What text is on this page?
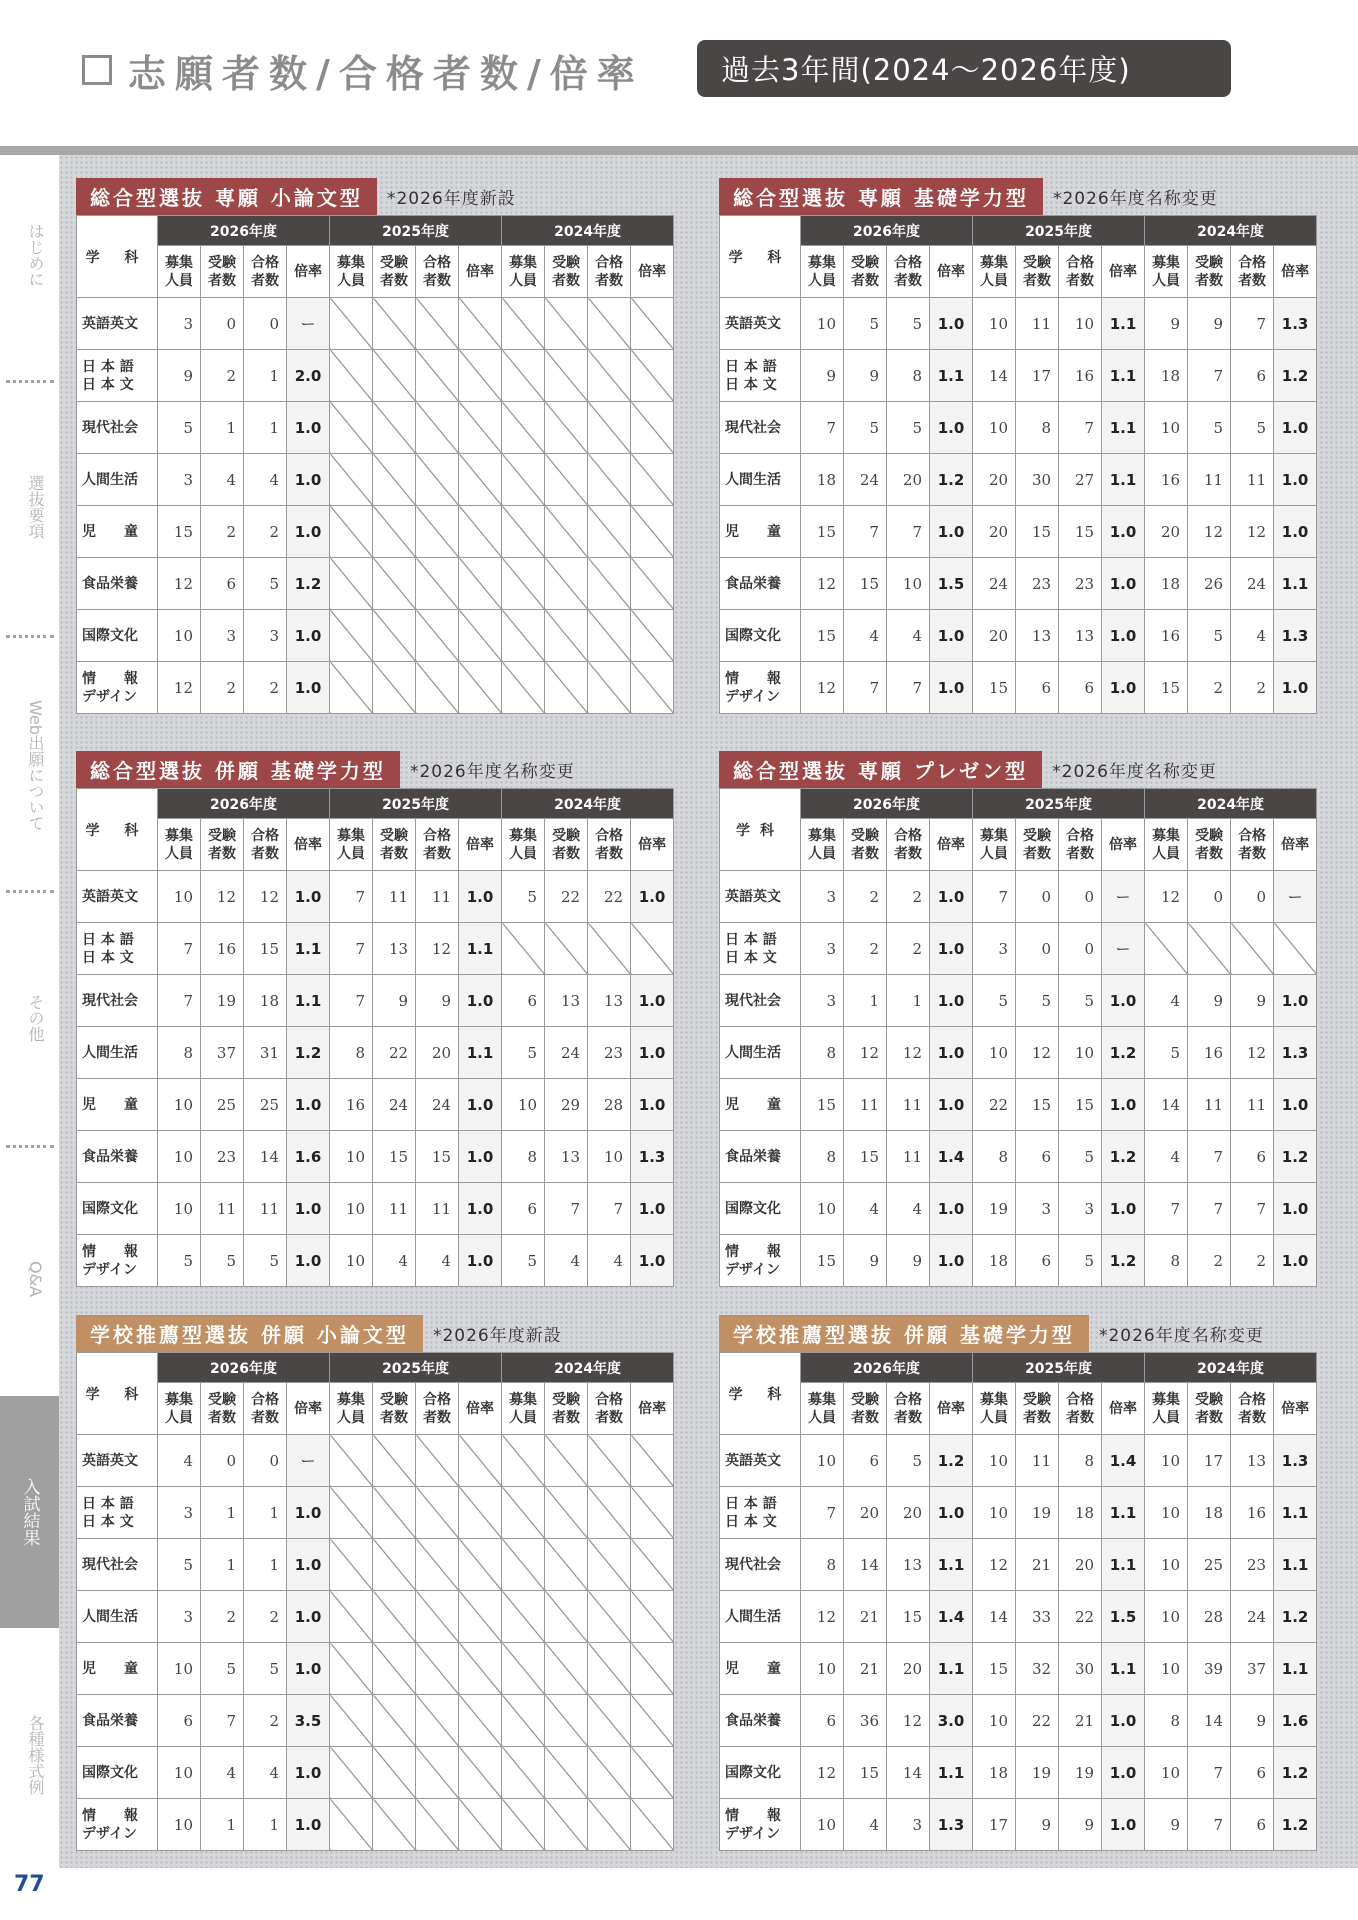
志願者数/合格者数/倍率	過去3年間(2024〜2026年度)
はじめに
選抜要項
Web出願について
その他
Q&A
入試結果
各種様式例
77
総合型選抜 専願 小論文型	*2026年度新設
学 科	2026年度				2025年度				2024年度			
	募集
人員	受験
者数	合格
者数	倍率	募集
人員	受験
者数	合格
者数	倍率	募集
人員	受験
者数	合格
者数	倍率
英語英文	3	0	0	ー								
日 本 語
日 本 文	9	2	1	2.0								
現代社会	5	1	1	1.0								
人間生活	3	4	4	1.0								
児　　童	15	2	2	1.0								
食品栄養	12	6	5	1.2								
国際文化	10	3	3	1.0								
情　　報
デザイン	12	2	2	1.0								
総合型選抜 専願 基礎学力型	*2026年度名称変更
学 科	2026年度				2025年度				2024年度			
	募集
人員	受験
者数	合格
者数	倍率	募集
人員	受験
者数	合格
者数	倍率	募集
人員	受験
者数	合格
者数	倍率
英語英文	10	5	5	1.0	10	11	10	1.1	9	9	7	1.3
日 本 語
日 本 文	9	9	8	1.1	14	17	16	1.1	18	7	6	1.2
現代社会	7	5	5	1.0	10	8	7	1.1	10	5	5	1.0
人間生活	18	24	20	1.2	20	30	27	1.1	16	11	11	1.0
児　　童	15	7	7	1.0	20	15	15	1.0	20	12	12	1.0
食品栄養	12	15	10	1.5	24	23	23	1.0	18	26	24	1.1
国際文化	15	4	4	1.0	20	13	13	1.0	16	5	4	1.3
情　　報
デザイン	12	7	7	1.0	15	6	6	1.0	15	2	2	1.0
総合型選抜 併願 基礎学力型	*2026年度名称変更
学 科	2026年度				2025年度				2024年度			
	募集
人員	受験
者数	合格
者数	倍率	募集
人員	受験
者数	合格
者数	倍率	募集
人員	受験
者数	合格
者数	倍率
英語英文	10	12	12	1.0	7	11	11	1.0	5	22	22	1.0
日 本 語
日 本 文	7	16	15	1.1	7	13	12	1.1				
現代社会	7	19	18	1.1	7	9	9	1.0	6	13	13	1.0
人間生活	8	37	31	1.2	8	22	20	1.1	5	24	23	1.0
児　　童	10	25	25	1.0	16	24	24	1.0	10	29	28	1.0
食品栄養	10	23	14	1.6	10	15	15	1.0	8	13	10	1.3
国際文化	10	11	11	1.0	10	11	11	1.0	6	7	7	1.0
情　　報
デザイン	5	5	5	1.0	10	4	4	1.0	5	4	4	1.0
総合型選抜 専願 プレゼン型	*2026年度名称変更
学科	2026年度				2025年度				2024年度			
	募集
人員	受験
者数	合格
者数	倍率	募集
人員	受験
者数	合格
者数	倍率	募集
人員	受験
者数	合格
者数	倍率
英語英文	3	2	2	1.0	7	0	0	ー	12	0	0	ー
日 本 語
日 本 文	3	2	2	1.0	3	0	0	ー				
現代社会	3	1	1	1.0	5	5	5	1.0	4	9	9	1.0
人間生活	8	12	12	1.0	10	12	10	1.2	5	16	12	1.3
児　　童	15	11	11	1.0	22	15	15	1.0	14	11	11	1.0
食品栄養	8	15	11	1.4	8	6	5	1.2	4	7	6	1.2
国際文化	10	4	4	1.0	19	3	3	1.0	7	7	7	1.0
情　　報
デザイン	15	9	9	1.0	18	6	5	1.2	8	2	2	1.0
学校推薦型選抜 併願 小論文型	*2026年度新設
学 科	2026年度				2025年度				2024年度			
	募集
人員	受験
者数	合格
者数	倍率	募集
人員	受験
者数	合格
者数	倍率	募集
人員	受験
者数	合格
者数	倍率
英語英文	4	0	0	ー								
日 本 語
日 本 文	3	1	1	1.0								
現代社会	5	1	1	1.0								
人間生活	3	2	2	1.0								
児　　童	10	5	5	1.0								
食品栄養	6	7	2	3.5								
国際文化	10	4	4	1.0								
情　　報
デザイン	10	1	1	1.0								
学校推薦型選抜 併願 基礎学力型	*2026年度名称変更
学 科	2026年度				2025年度				2024年度			
	募集
人員	受験
者数	合格
者数	倍率	募集
人員	受験
者数	合格
者数	倍率	募集
人員	受験
者数	合格
者数	倍率
英語英文	10	6	5	1.2	10	11	8	1.4	10	17	13	1.3
日 本 語
日 本 文	7	20	20	1.0	10	19	18	1.1	10	18	16	1.1
現代社会	8	14	13	1.1	12	21	20	1.1	10	25	23	1.1
人間生活	12	21	15	1.4	14	33	22	1.5	10	28	24	1.2
児　　童	10	21	20	1.1	15	32	30	1.1	10	39	37	1.1
食品栄養	6	36	12	3.0	10	22	21	1.0	8	14	9	1.6
国際文化	12	15	14	1.1	18	19	19	1.0	10	7	6	1.2
情　　報
デザイン	10	4	3	1.3	17	9	9	1.0	9	7	6	1.2
